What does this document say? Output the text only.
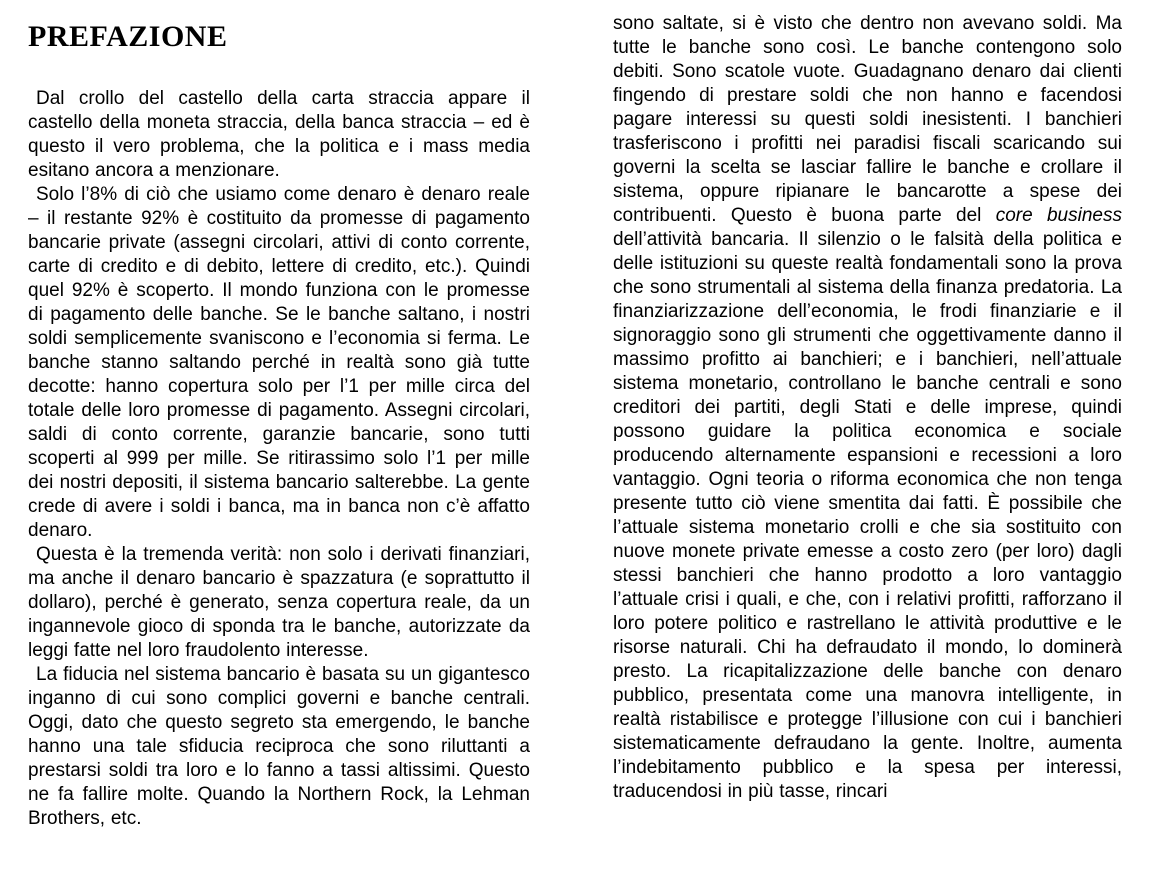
PREFAZIONE

Dal crollo del castello della carta straccia appare il castello della moneta straccia, della banca straccia – ed è questo il vero problema, che la politica e i mass media esitano ancora a menzionare.

Solo l’8% di ciò che usiamo come denaro è denaro reale – il restante 92% è costituito da promesse di pagamento bancarie private (assegni circolari, attivi di conto corrente, carte di credito e di debito, lettere di credito, etc.). Quindi quel 92% è scoperto. Il mondo funziona con le promesse di pagamento delle banche. Se le banche saltano, i nostri soldi semplicemente svaniscono e l’economia si ferma. Le banche stanno saltando perché in realtà sono già tutte decotte: hanno copertura solo per l’1 per mille circa del totale delle loro promesse di pagamento. Assegni circolari, saldi di conto corrente, garanzie bancarie, sono tutti scoperti al 999 per mille. Se ritirassimo solo l’1 per mille dei nostri depositi, il sistema bancario salterebbe. La gente crede di avere i soldi i banca, ma in banca non c’è affatto denaro.

Questa è la tremenda verità: non solo i derivati finanziari, ma anche il denaro bancario è spazzatura (e soprattutto il dollaro), perché è generato, senza copertura reale, da un ingannevole gioco di sponda tra le banche, autorizzate da leggi fatte nel loro fraudolento interesse.

La fiducia nel sistema bancario è basata su un gigantesco inganno di cui sono complici governi e banche centrali. Oggi, dato che questo segreto sta emergendo, le banche hanno una tale sfiducia reciproca che sono riluttanti a prestarsi soldi tra loro e lo fanno a tassi altissimi. Questo ne fa fallire molte. Quando la Northern Rock, la Lehman Brothers, etc.

sono saltate, si è visto che dentro non avevano soldi. Ma tutte le banche sono così. Le banche contengono solo debiti. Sono scatole vuote. Guadagnano denaro dai clienti fingendo di prestare soldi che non hanno e facendosi pagare interessi su questi soldi inesistenti. I banchieri trasferiscono i profitti nei paradisi fiscali scaricando sui governi la scelta se lasciar fallire le banche e crollare il sistema, oppure ripianare le bancarotte a spese dei contribuenti. Questo è buona parte del core business dell’attività bancaria. Il silenzio o le falsità della politica e delle istituzioni su queste realtà fondamentali sono la prova che sono strumentali al sistema della finanza predatoria. La finanziarizzazione dell’economia, le frodi finanziarie e il signoraggio sono gli strumenti che oggettivamente danno il massimo profitto ai banchieri; e i banchieri, nell’attuale sistema monetario, controllano le banche centrali e sono creditori dei partiti, degli Stati e delle imprese, quindi possono guidare la politica economica e sociale producendo alternamente espansioni e recessioni a loro vantaggio. Ogni teoria o riforma economica che non tenga presente tutto ciò viene smentita dai fatti. È possibile che l’attuale sistema monetario crolli e che sia sostituito con nuove monete private emesse a costo zero (per loro) dagli stessi banchieri che hanno prodotto a loro vantaggio l’attuale crisi i quali, e che, con i relativi profitti, rafforzano il loro potere politico e rastrellano le attività produttive e le risorse naturali. Chi ha defraudato il mondo, lo dominerà presto. La ricapitalizzazione delle banche con denaro pubblico, presentata come una manovra intelligente, in realtà ristabilisce e protegge l’illusione con cui i banchieri sistematicamente defraudano la gente. Inoltre, aumenta l’indebitamento pubblico e la spesa per interessi, traducendosi in più tasse, rincari
